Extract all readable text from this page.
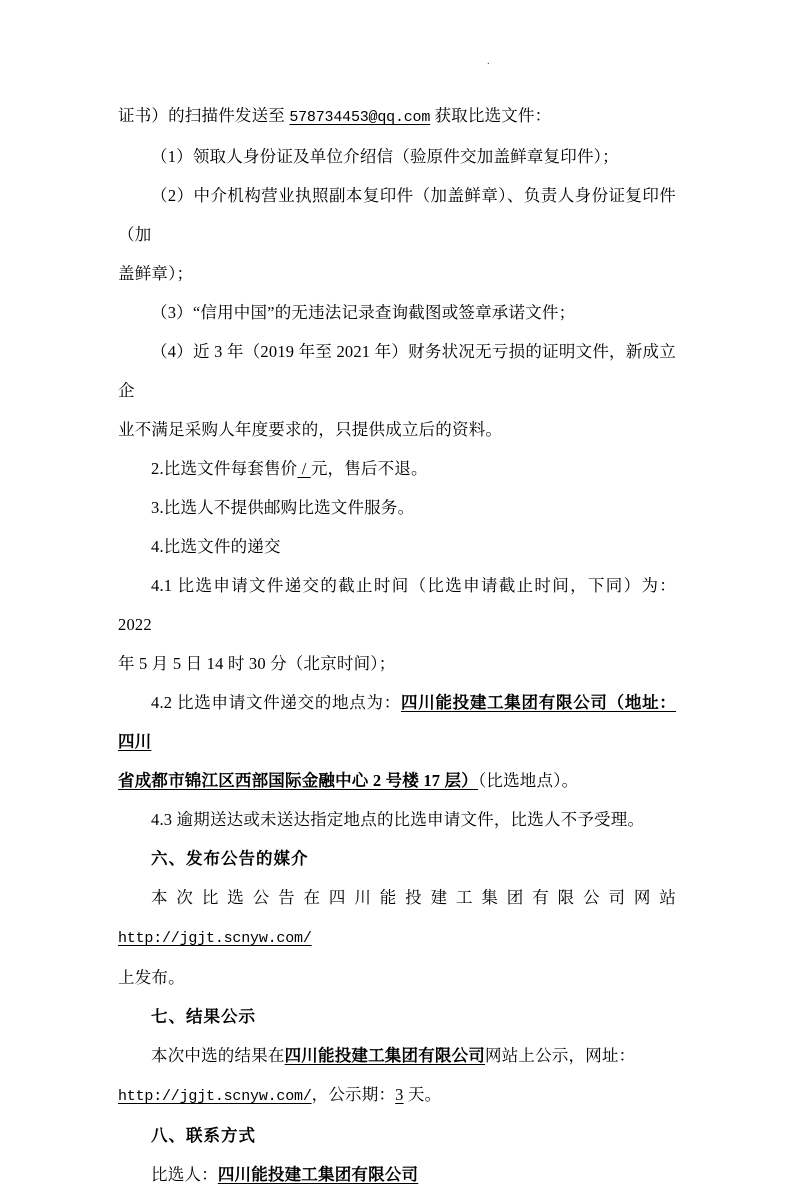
.

证书）的扫描件发送至 578734453@qq.com 获取比选文件：

（1）领取人身份证及单位介绍信（验原件交加盖鲜章复印件）；

（2）中介机构营业执照副本复印件（加盖鲜章）、负责人身份证复印件（加

盖鲜章）；

（3）“信用中国”的无违法记录查询截图或签章承诺文件；

（4）近 3 年（2019 年至 2021 年）财务状况无亏损的证明文件，新成立企

业不满足采购人年度要求的，只提供成立后的资料。

2.比选文件每套售价 / 元，售后不退。

3.比选人不提供邮购比选文件服务。

4.比选文件的递交

4.1 比选申请文件递交的截止时间（比选申请截止时间，下同）为：2022

年 5 月 5 日 14 时 30 分（北京时间）；

4.2 比选申请文件递交的地点为：四川能投建工集团有限公司（地址：四川

省成都市锦江区西部国际金融中心 2 号楼 17 层）（比选地点）。

4.3 逾期送达或未送达指定地点的比选申请文件，比选人不予受理。

六、发布公告的媒介

本次比选公告在四川能投建工集团有限公司网站 http://jgjt.scnyw.com/

上发布。

七、结果公示

本次中选的结果在四川能投建工集团有限公司网站上公示，网址：

http://jgjt.scnyw.com/，公示期：3 天。

八、联系方式

比选人：四川能投建工集团有限公司
